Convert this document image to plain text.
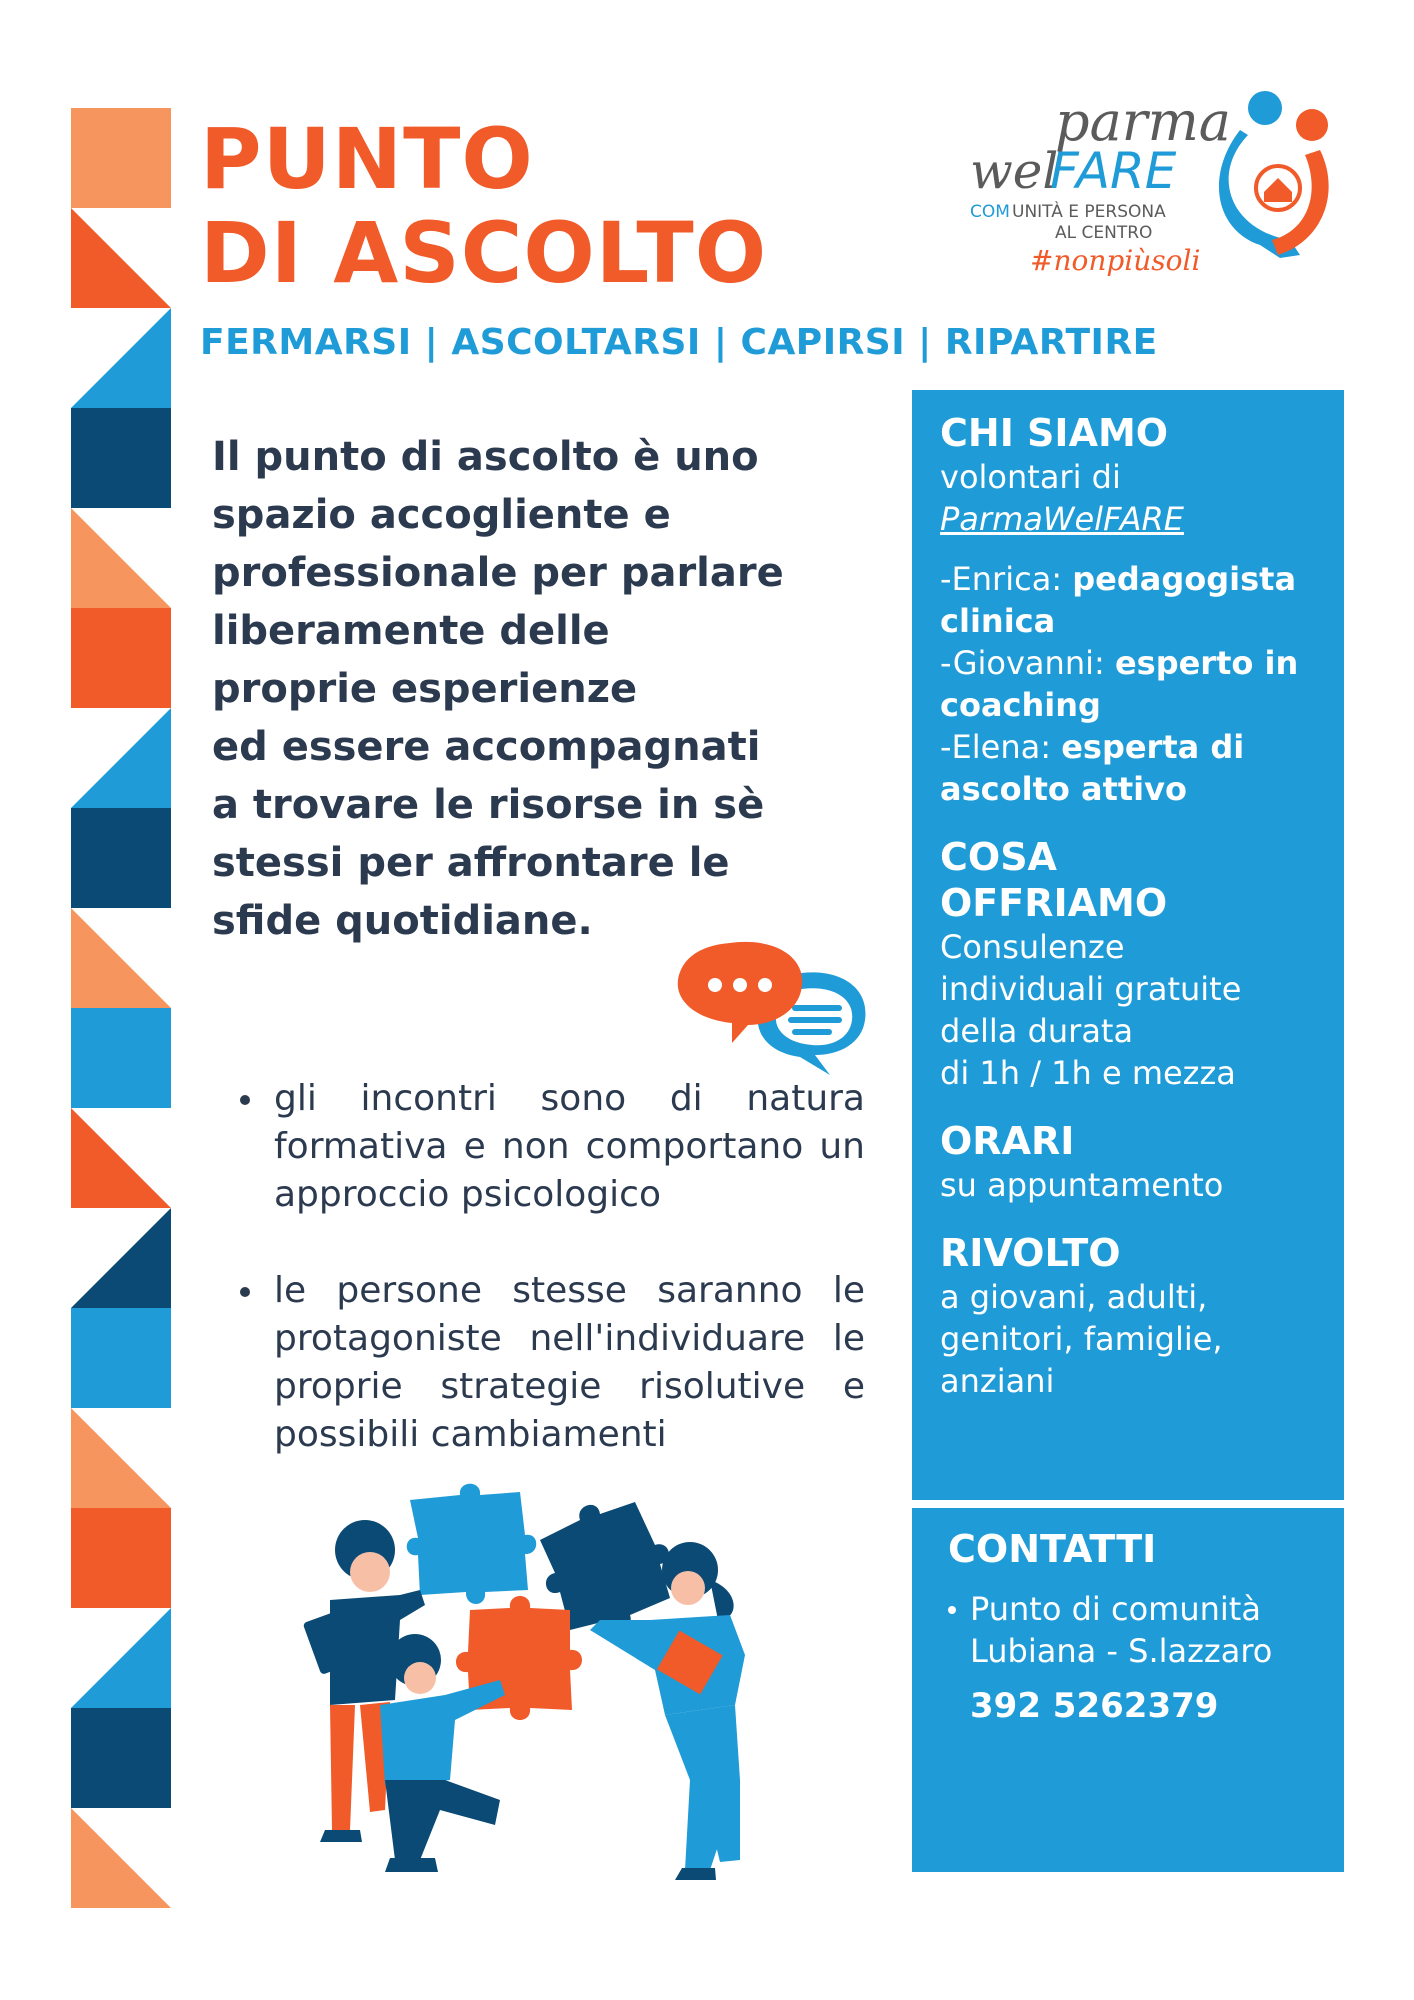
PUNTO
DI ASCOLTO
FERMARSI | ASCOLTARSI | CAPIRSI | RIPARTIRE
parma
wel
FARE
COM UNITÀ E PERSONA
AL CENTRO
#nonpiùsoli
Il punto di ascolto è uno
spazio accogliente e
professionale per parlare
liberamente delle
proprie esperienze
ed essere accompagnati
a trovare le risorse in sè
stessi per affrontare le
sfide quotidiane.
gli incontri sono di natura formativa e non comportano un approccio psicologico
le persone stesse saranno le protagoniste nell'individuare le proprie strategie risolutive e possibili cambiamenti
CHI SIAMO

volontari di

ParmaWelFARE

-Enrica: pedagogista clinica

-Giovanni: esperto in coaching

-Elena: esperta di ascolto attivo

COSA
OFFRIAMO
Consulenze
individuali gratuite
della durata
di 1h / 1h e mezza
ORARI

su appuntamento

RIVOLTO
a giovani, adulti,
genitori, famiglie,
anziani
CONTATTI
Punto di comunità
Lubiana - S.lazzaro
392 5262379
